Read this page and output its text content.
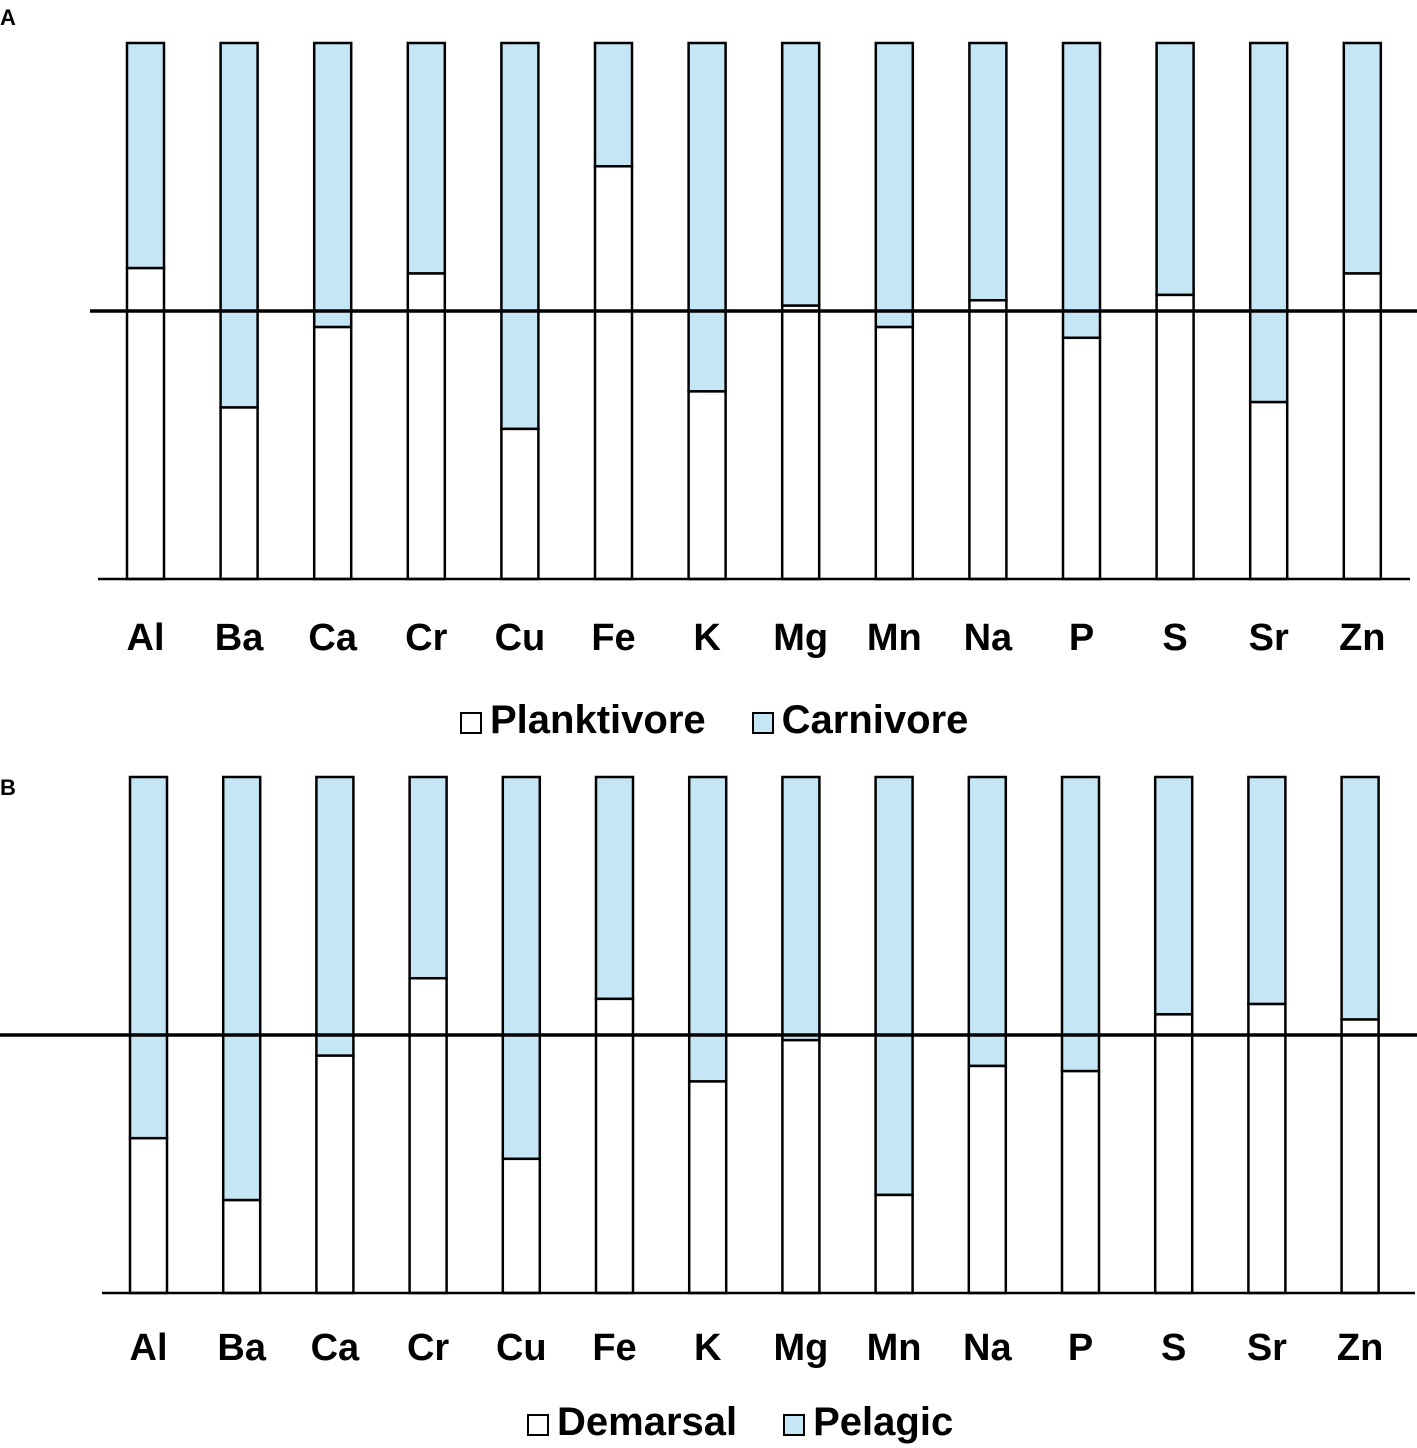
A
B
Al Ba Ca Cr Cu Fe K Mg Mn Na P S Sr Zn
Al Ba Ca Cr Cu Fe K Mg Mn Na P S Sr Zn
Planktivore Carnivore
Demarsal Pelagic
